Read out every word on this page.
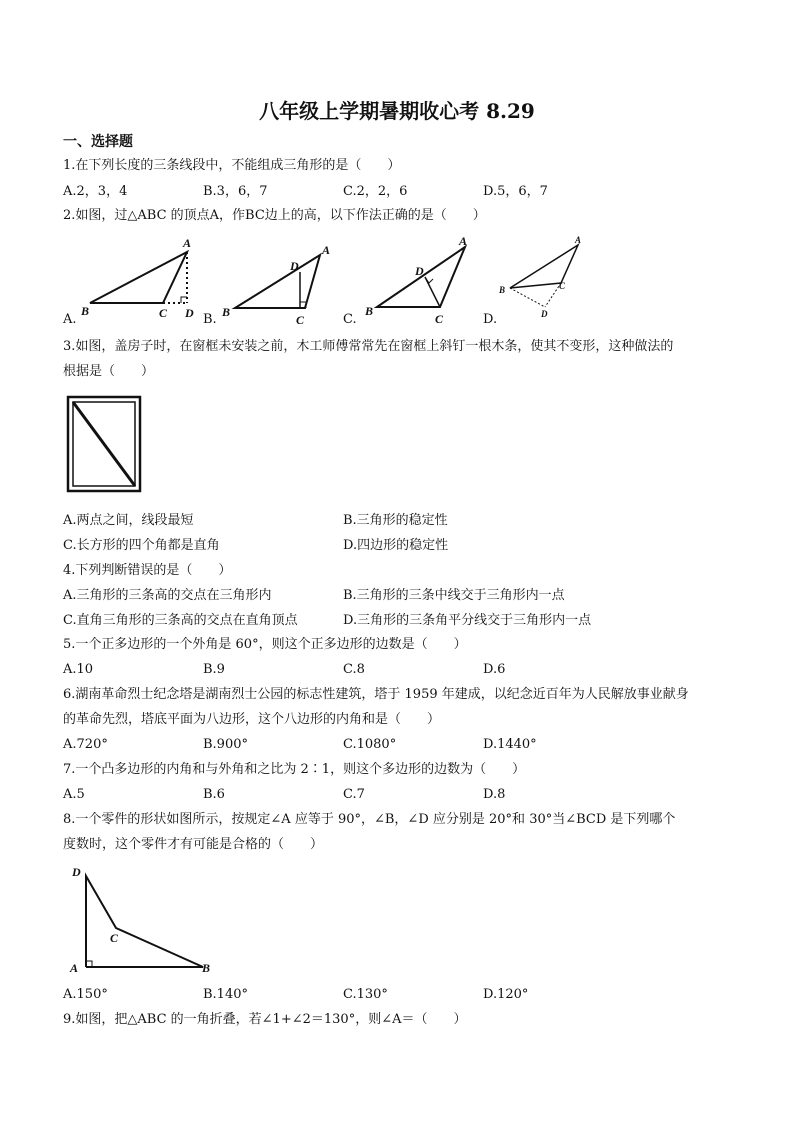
八年级上学期暑期收心考 8.29
一、选择题
1.在下列长度的三条线段中，不能组成三角形的是（　　）
A.2，3，4	B.3，6，7	C.2，2，6	D.5，6，7
2.如图，过△ABC 的顶点A，作BC边上的高，以下作法正确的是（　　）
A
B	C D
A
D
B
C
A
D
B
C
A
B	C
D
A.	B.	C.	D.
3.如图，盖房子时，在窗框未安装之前，木工师傅常常先在窗框上斜钉一根木条，使其不变形，这种做法的
根据是（　　）
A.两点之间，线段最短	B.三角形的稳定性
C.长方形的四个角都是直角	D.四边形的稳定性
4.下列判断错误的是（　　）
A.三角形的三条高的交点在三角形内	B.三角形的三条中线交于三角形内一点
C.直角三角形的三条高的交点在直角顶点	D.三角形的三条角平分线交于三角形内一点
5.一个正多边形的一个外角是 60°，则这个正多边形的边数是（　　）
A.10	B.9	C.8	D.6
6.湖南革命烈士纪念塔是湖南烈士公园的标志性建筑，塔于 1959 年建成，以纪念近百年为人民解放事业献身
的革命先烈，塔底平面为八边形，这个八边形的内角和是（　　）
A.720°	B.900°	C.1080°	D.1440°
7.一个凸多边形的内角和与外角和之比为 2∶1，则这个多边形的边数为（　　）
A.5	B.6	C.7	D.8
8.一个零件的形状如图所示，按规定∠A 应等于 90°，∠B，∠D 应分别是 20°和 30°当∠BCD 是下列哪个
度数时，这个零件才有可能是合格的（　　）
D
C
A	B
A.150°	B.140°	C.130°	D.120°
9.如图，把△ABC 的一角折叠，若∠1+∠2＝130°，则∠A＝（　　）
